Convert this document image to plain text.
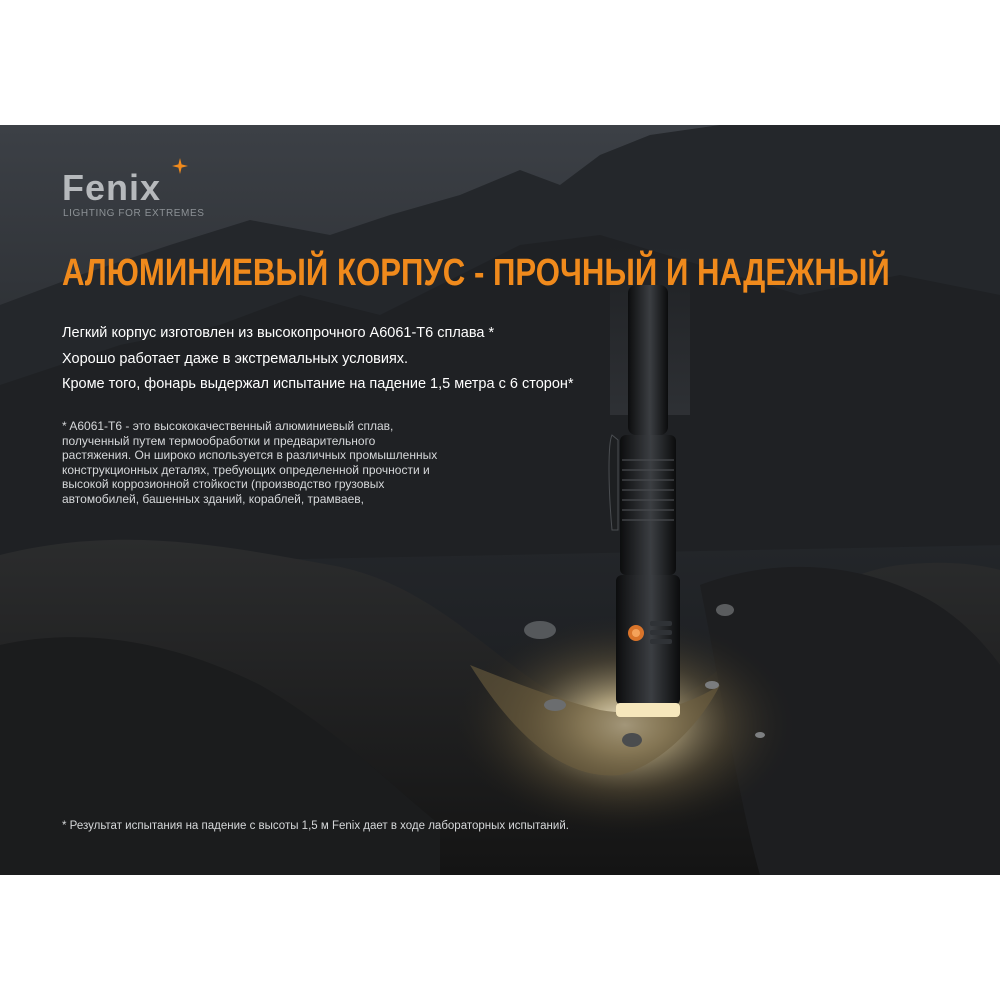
Fenix
LIGHTING FOR EXTREMES
АЛЮМИНИЕВЫЙ КОРПУС - ПРОЧНЫЙ И НАДЕЖНЫЙ
Легкий корпус изготовлен из высокопрочного A6061-T6 сплава *
Хорошо работает даже в экстремальных условиях.
Кроме того, фонарь выдержал испытание на падение 1,5 метра с 6 сторон*
* A6061-T6 - это высококачественный алюминиевый сплав,
полученный путем термообработки и предварительного
растяжения. Он широко используется в различных промышленных
конструкционных деталях, требующих определенной прочности и
высокой коррозионной стойкости (производство грузовых
автомобилей, башенных зданий, кораблей, трамваев,
* Результат испытания на падение с высоты 1,5 м Fenix дает в ходе лабораторных испытаний.
